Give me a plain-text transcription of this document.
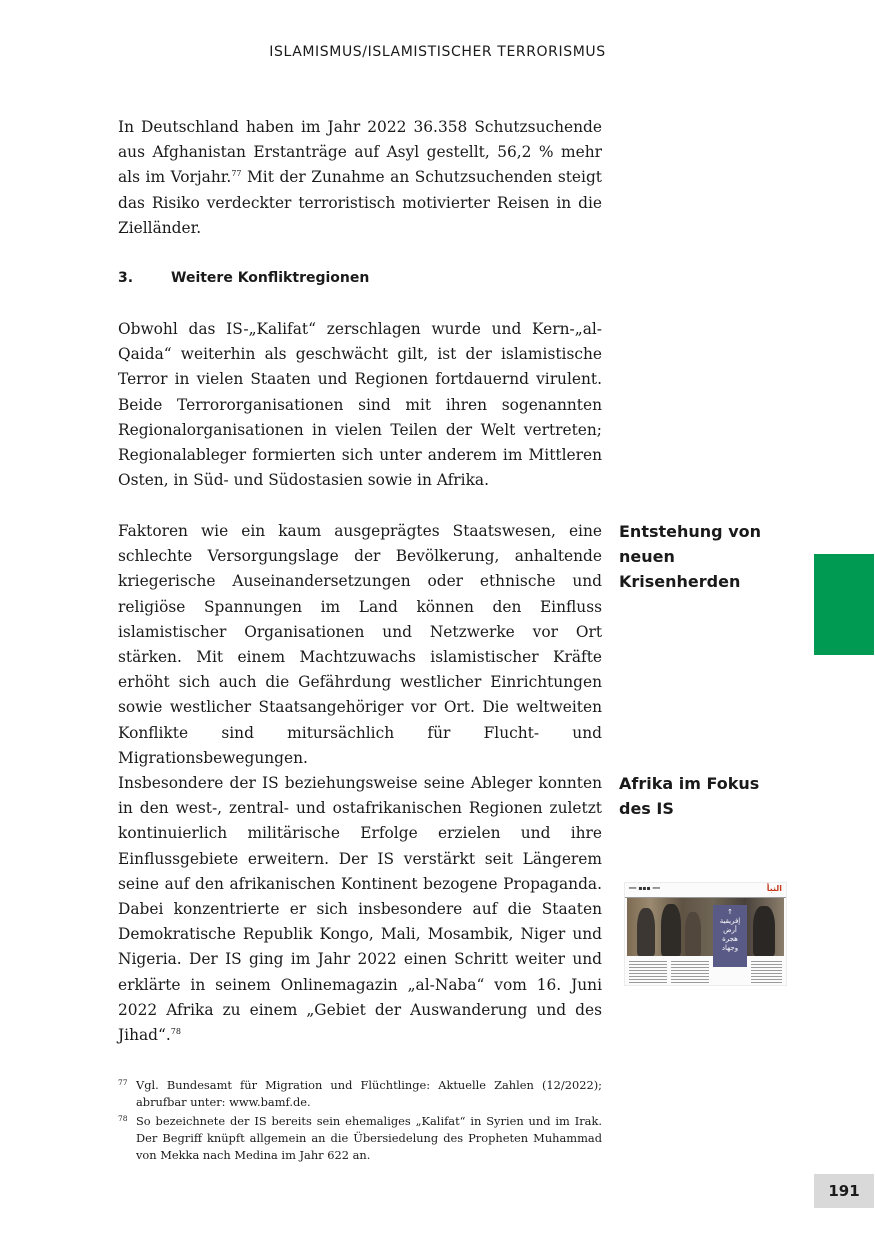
ISLAMISMUS/ISLAMISTISCHER TERRORISMUS

In Deutschland haben im Jahr 2022 36.358 Schutzsuchende aus Afghanistan Erstanträge auf Asyl gestellt, 56,2 % mehr als im Vorjahr.$^{77}$ Mit der Zunahme an Schutzsuchenden steigt das Risiko verdeckter terroristisch motivierter Reisen in die Zielländer.

3.	Weitere Konfliktregionen

Obwohl das IS-„Kalifat“ zerschlagen wurde und Kern-„al-Qaida“ weiterhin als geschwächt gilt, ist der islamistische Terror in vielen Staaten und Regionen fortdauernd virulent. Beide Terrororganisationen sind mit ihren sogenannten Regionalorganisationen in vielen Teilen der Welt vertreten; Regionalableger formierten sich unter anderem im Mittleren Osten, in Süd- und Südostasien sowie in Afrika.

Faktoren wie ein kaum ausgeprägtes Staatswesen, eine schlechte Versorgungslage der Bevölkerung, anhaltende kriegerische Auseinandersetzungen oder ethnische und religiöse Spannungen im Land können den Einfluss islamistischer Organisationen und Netzwerke vor Ort stärken. Mit einem Machtzuwachs islamistischer Kräfte erhöht sich auch die Gefährdung westlicher Einrichtungen sowie westlicher Staatsangehöriger vor Ort. Die weltweiten Konflikte sind mitursächlich für Flucht- und Migrationsbewegungen.

Insbesondere der IS beziehungsweise seine Ableger konnten in den west-, zentral- und ostafrikanischen Regionen zuletzt kontinuierlich militärische Erfolge erzielen und ihre Einflussgebiete erweitern. Der IS verstärkt seit Längerem seine auf den afrikanischen Kontinent bezogene Propaganda. Dabei konzentrierte er sich insbesondere auf die Staaten Demokratische Republik Kongo, Mali, Mosambik, Niger und Nigeria. Der IS ging im Jahr 2022 einen Schritt weiter und erklärte in seinem Onlinemagazin „al-Naba“ vom 16. Juni 2022 Afrika zu einem „Gebiet der Auswanderung und des Jihad“.$^{78}$

Entstehung von
neuen Krisenherden
Afrika im Fokus
des IS
━━ ▪▪▪ ━━	النبأ
↑
إفريقية
أرض
هجرة
وجهاد

77 Vgl. Bundesamt für Migration und Flüchtlinge: Aktuelle Zahlen (12/2022); abrufbar unter: www.bamf.de.

78 So bezeichnete der IS bereits sein ehemaliges „Kalifat“ in Syrien und im Irak. Der Begriff knüpft allgemein an die Übersiedelung des Propheten Muhammad von Mekka nach Medina im Jahr 622 an.

191
